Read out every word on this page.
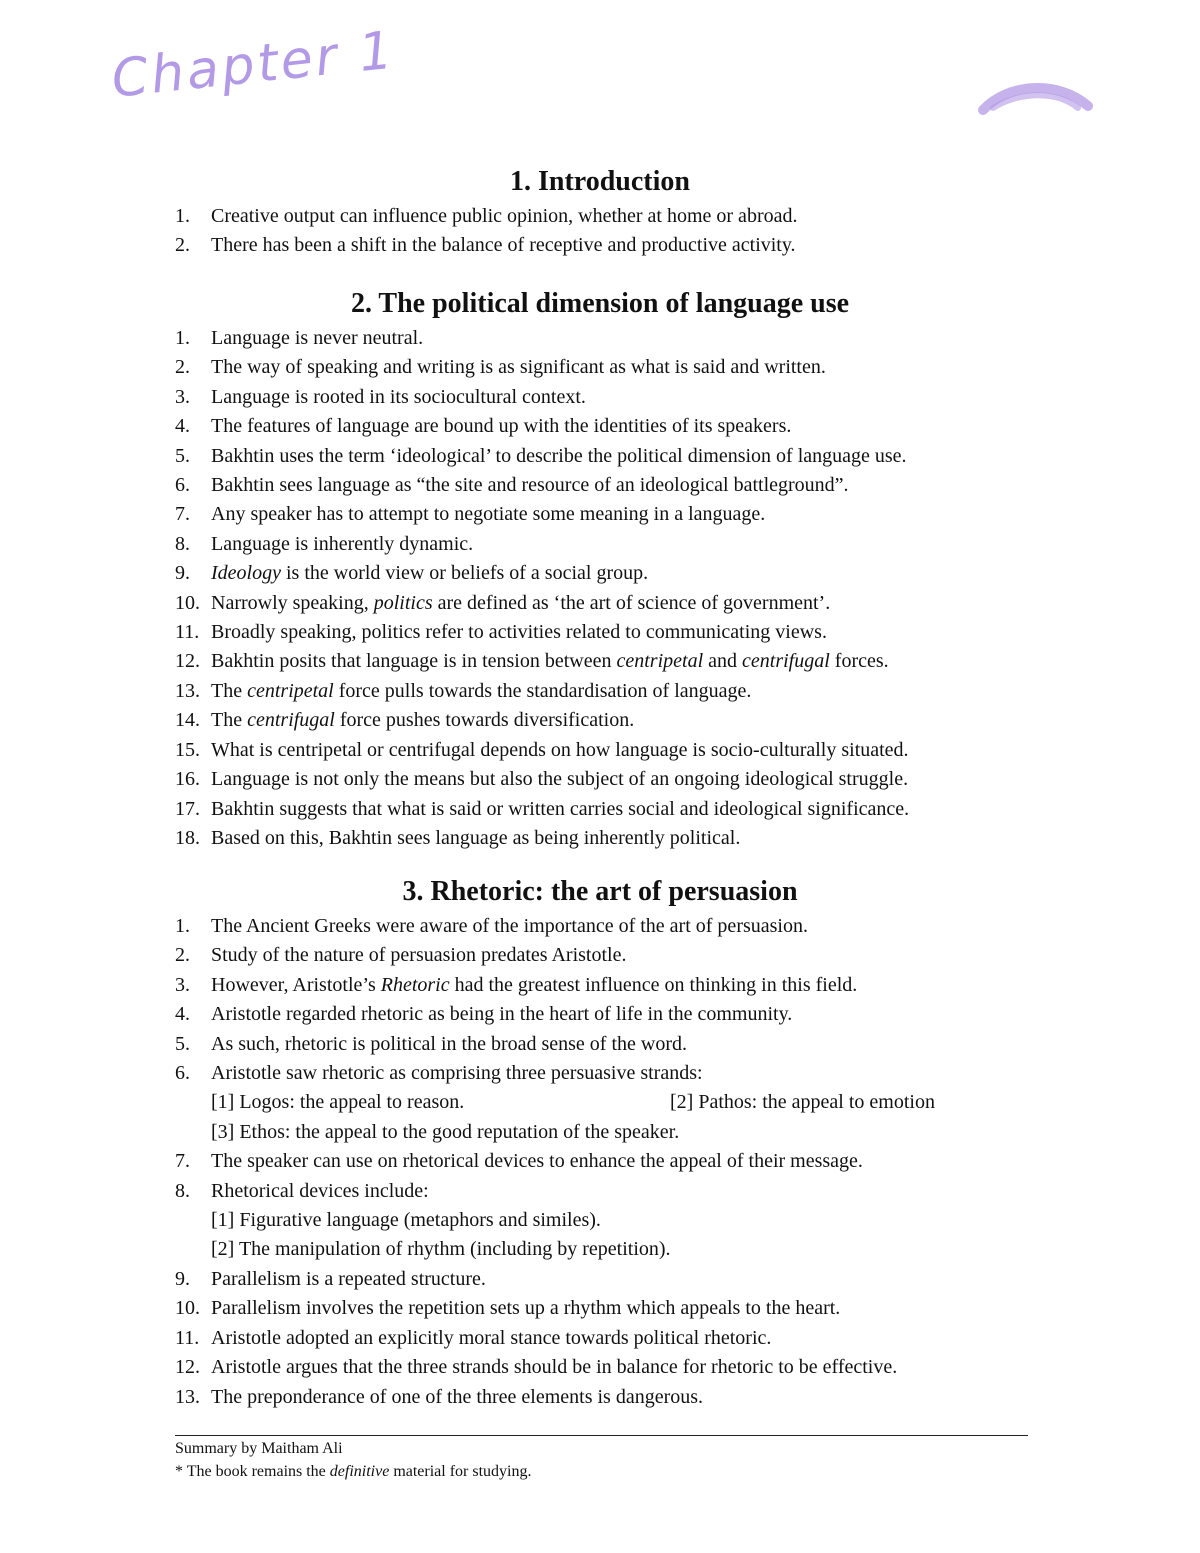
Chapter 1
1. Introduction
1.	Creative output can influence public opinion, whether at home or abroad.
2.	There has been a shift in the balance of receptive and productive activity.
2. The political dimension of language use
1.	Language is never neutral.
2.	The way of speaking and writing is as significant as what is said and written.
3.	Language is rooted in its sociocultural context.
4.	The features of language are bound up with the identities of its speakers.
5.	Bakhtin uses the term ‘ideological’ to describe the political dimension of language use.
6.	Bakhtin sees language as “the site and resource of an ideological battleground”.
7.	Any speaker has to attempt to negotiate some meaning in a language.
8.	Language is inherently dynamic.
9.	Ideology is the world view or beliefs of a social group.
10. Narrowly speaking, politics are defined as ‘the art of science of government’.
11. Broadly speaking, politics refer to activities related to communicating views.
12. Bakhtin posits that language is in tension between centripetal and centrifugal forces.
13. The centripetal force pulls towards the standardisation of language.
14. The centrifugal force pushes towards diversification.
15. What is centripetal or centrifugal depends on how language is socio-culturally situated.
16. Language is not only the means but also the subject of an ongoing ideological struggle.
17. Bakhtin suggests that what is said or written carries social and ideological significance.
18. Based on this, Bakhtin sees language as being inherently political.
3. Rhetoric: the art of persuasion
1.	The Ancient Greeks were aware of the importance of the art of persuasion.
2.	Study of the nature of persuasion predates Aristotle.
3.	However, Aristotle’s Rhetoric had the greatest influence on thinking in this field.
4.	Aristotle regarded rhetoric as being in the heart of life in the community.
5.	As such, rhetoric is political in the broad sense of the word.
6.	Aristotle saw rhetoric as comprising three persuasive strands:
[1] Logos: the appeal to reason.	[2] Pathos: the appeal to emotion
[3] Ethos: the appeal to the good reputation of the speaker.
7.	The speaker can use on rhetorical devices to enhance the appeal of their message.
8.	Rhetorical devices include:
[1] Figurative language (metaphors and similes).
[2] The manipulation of rhythm (including by repetition).
9.	Parallelism is a repeated structure.
10. Parallelism involves the repetition sets up a rhythm which appeals to the heart.
11. Aristotle adopted an explicitly moral stance towards political rhetoric.
12. Aristotle argues that the three strands should be in balance for rhetoric to be effective.
13. The preponderance of one of the three elements is dangerous.
Summary by Maitham Ali
* The book remains the definitive material for studying.
